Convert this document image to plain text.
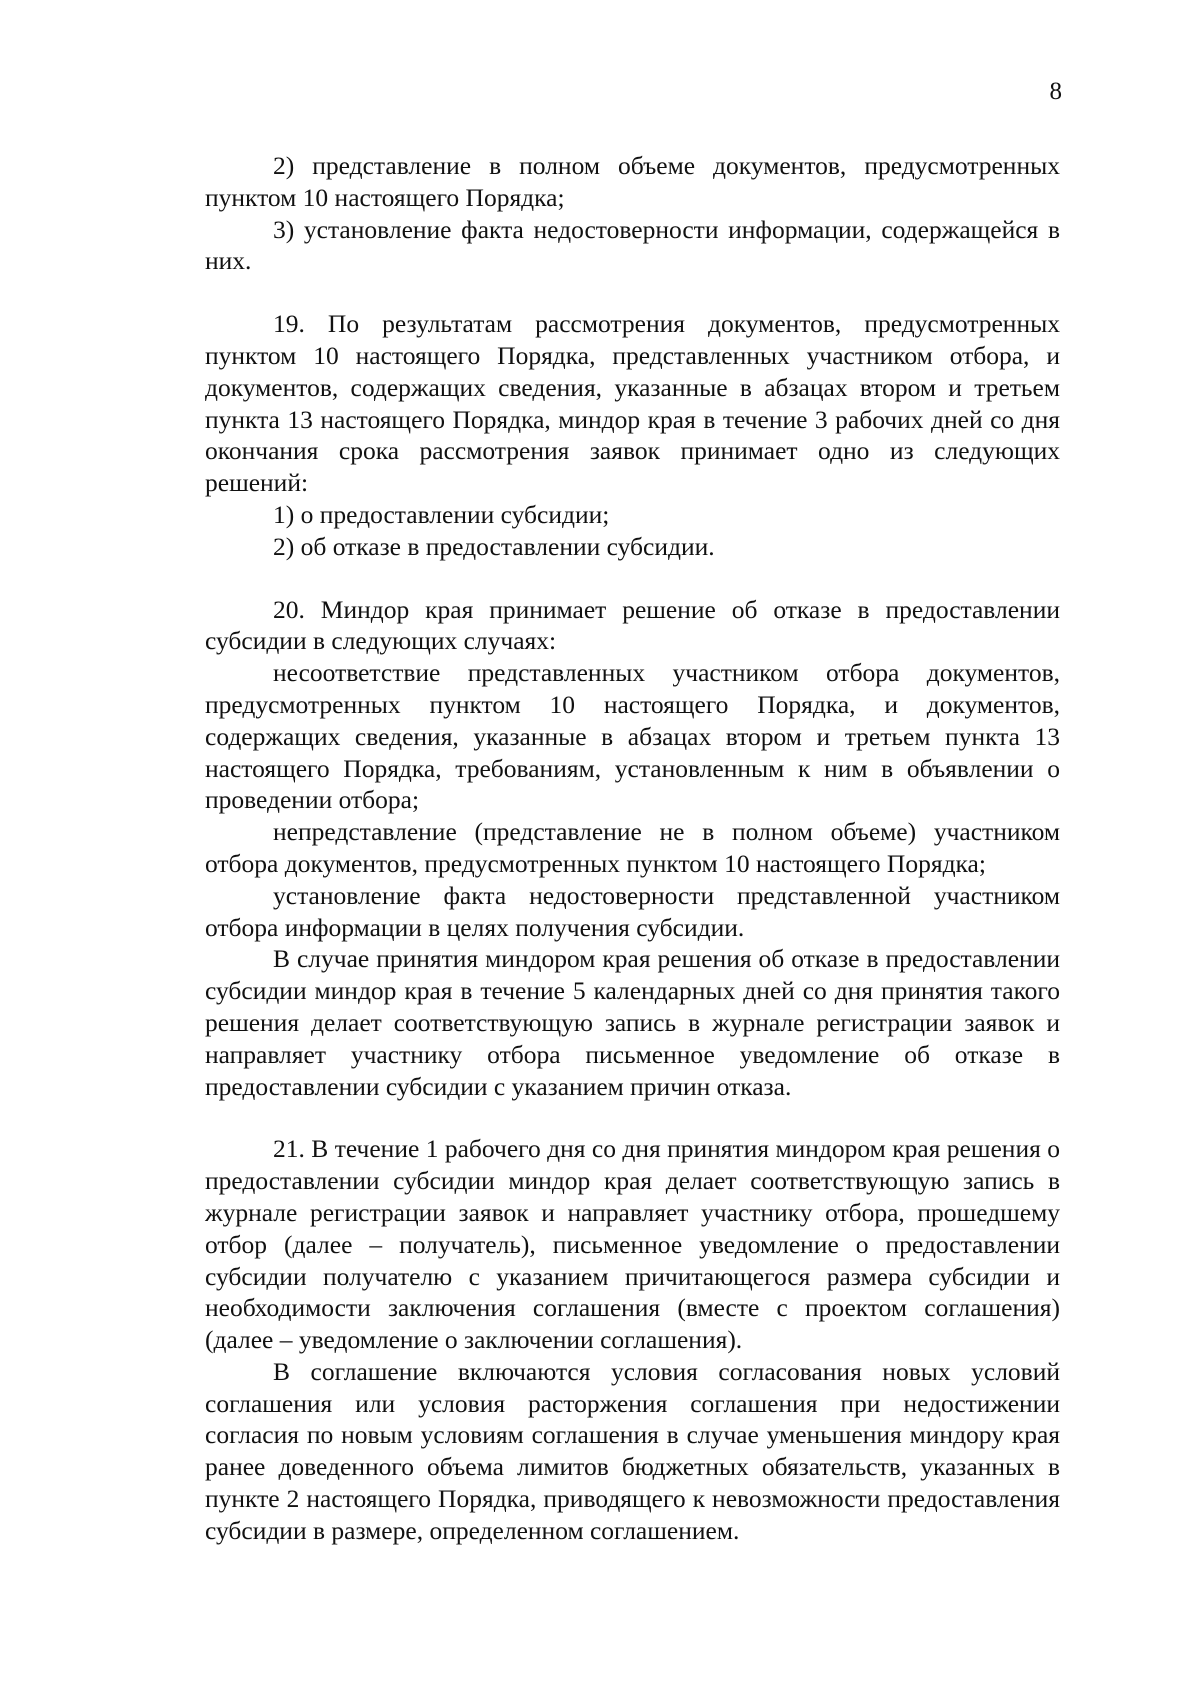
8

2) представление в полном объеме документов, предусмотренных пунктом 10 настоящего Порядка;

3) установление факта недостоверности информации, содержащейся в них.

19. По результатам рассмотрения документов, предусмотренных пунктом 10 настоящего Порядка, представленных участником отбора, и документов, содержащих сведения, указанные в абзацах втором и третьем пункта 13 настоящего Порядка, миндор края в течение 3 рабочих дней со дня окончания срока рассмотрения заявок принимает одно из следующих решений:

1) о предоставлении субсидии;

2) об отказе в предоставлении субсидии.

20. Миндор края принимает решение об отказе в предоставлении субсидии в следующих случаях:

несоответствие представленных участником отбора документов, предусмотренных пунктом 10 настоящего Порядка, и документов, содержащих сведения, указанные в абзацах втором и третьем пункта 13 настоящего Порядка, требованиям, установленным к ним в объявлении о проведении отбора;

непредставление (представление не в полном объеме) участником отбора документов, предусмотренных пунктом 10 настоящего Порядка;

установление факта недостоверности представленной участником отбора информации в целях получения субсидии.

В случае принятия миндором края решения об отказе в предоставлении субсидии миндор края в течение 5 календарных дней со дня принятия такого решения делает соответствующую запись в журнале регистрации заявок и направляет участнику отбора письменное уведомление об отказе в предоставлении субсидии с указанием причин отказа.

21. В течение 1 рабочего дня со дня принятия миндором края решения о предоставлении субсидии миндор края делает соответствующую запись в журнале регистрации заявок и направляет участнику отбора, прошедшему отбор (далее – получатель), письменное уведомление о предоставлении субсидии получателю с указанием причитающегося размера субсидии и необходимости заключения соглашения (вместе с проектом соглашения) (далее – уведомление о заключении соглашения).

В соглашение включаются условия согласования новых условий соглашения или условия расторжения соглашения при недостижении согласия по новым условиям соглашения в случае уменьшения миндору края ранее доведенного объема лимитов бюджетных обязательств, указанных в пункте 2 настоящего Порядка, приводящего к невозможности предоставления субсидии в размере, определенном соглашением.
